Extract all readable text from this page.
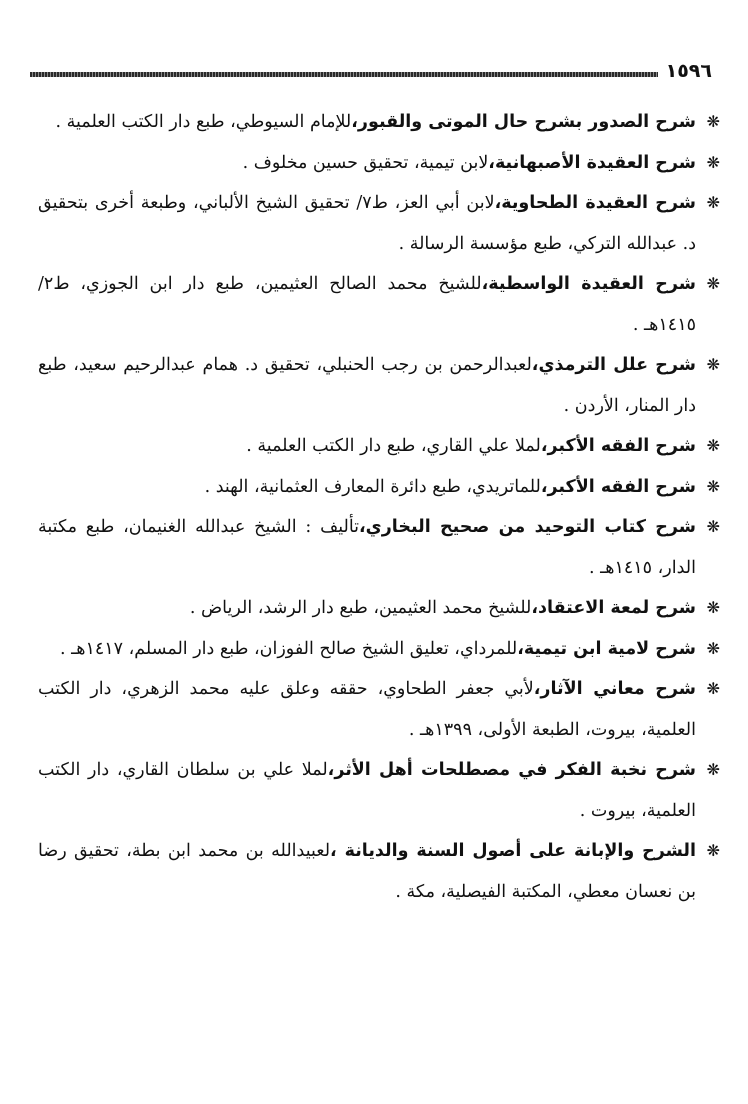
١٥٩٦

❋
شرح الصدور بشرح حال الموتى والقبور،للإمام السيوطي، طبع دار الكتب العلمية .

❋
شرح العقيدة الأصبهانية،لابن تيمية، تحقيق حسين مخلوف .

❋
شرح العقيدة الطحاوية،لابن أبي العز، ط٧/ تحقيق الشيخ الألباني، وطبعة أخرى بتحقيق د. عبدالله التركي، طبع مؤسسة الرسالة .

❋
شرح العقيدة الواسطية،للشيخ محمد الصالح العثيمين، طبع دار ابن الجوزي، ط٢/ ١٤١٥هـ .

❋
شرح علل الترمذي،لعبدالرحمن بن رجب الحنبلي، تحقيق د. همام عبدالرحيم سعيد، طبع دار المنار، الأردن .

❋
شرح الفقه الأكبر،لملا علي القاري، طبع دار الكتب العلمية .

❋
شرح الفقه الأكبر،للماتريدي، طبع دائرة المعارف العثمانية، الهند .

❋
شرح كتاب التوحيد من صحيح البخاري،تأليف : الشيخ عبدالله الغنيمان، طبع مكتبة الدار، ١٤١٥هـ .

❋
شرح لمعة الاعتقاد،للشيخ محمد العثيمين، طبع دار الرشد، الرياض .

❋
شرح لامية ابن تيمية،للمرداي، تعليق الشيخ صالح الفوزان، طبع دار المسلم، ١٤١٧هـ .

❋
شرح معاني الآثار،لأبي جعفر الطحاوي، حققه وعلق عليه محمد الزهري، دار الكتب العلمية، بيروت، الطبعة الأولى، ١٣٩٩هـ .

❋
شرح نخبة الفكر في مصطلحات أهل الأثر،لملا علي بن سلطان القاري، دار الكتب العلمية، بيروت .

❋
الشرح والإبانة على أصول السنة والديانة ،لعبيدالله بن محمد ابن بطة، تحقيق رضا بن نعسان معطي، المكتبة الفيصلية، مكة .
